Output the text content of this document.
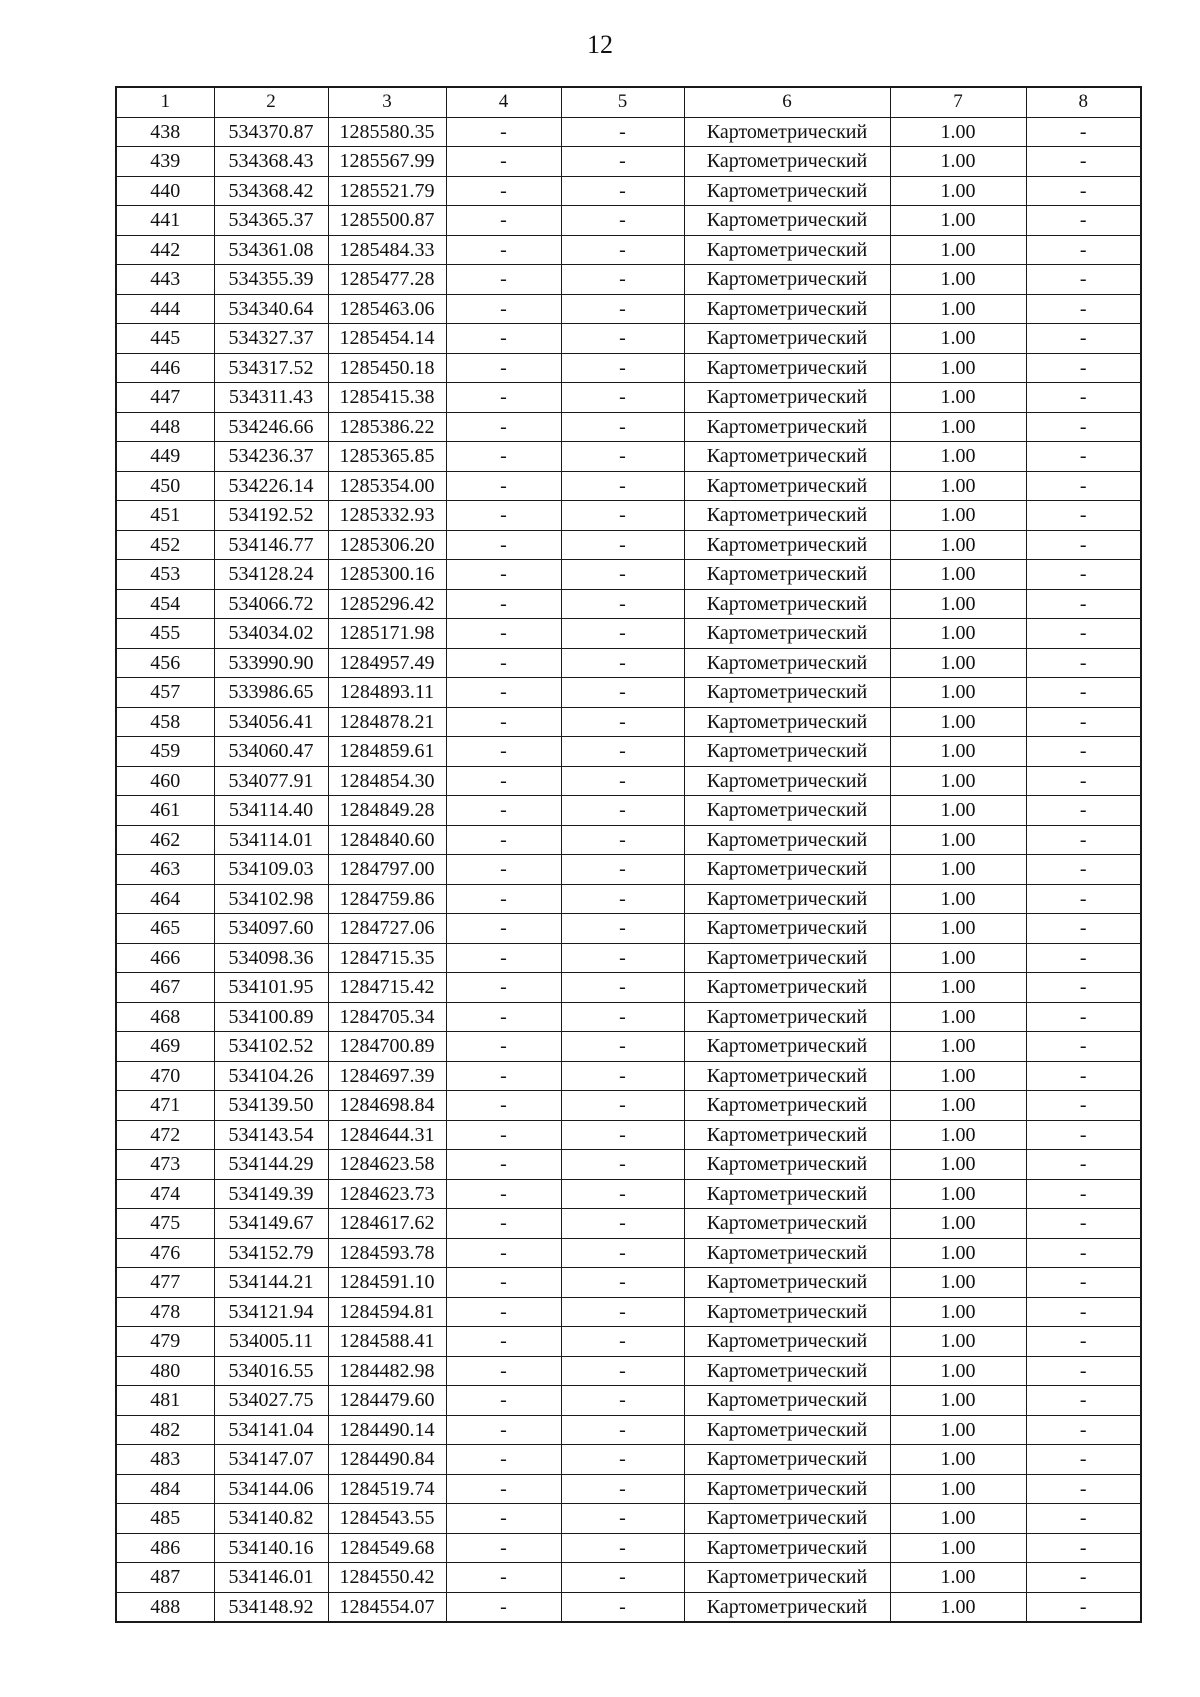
12
1	2	3	4	5	6	7	8
438	534370.87	1285580.35	-	-	Картометрический	1.00	-
439	534368.43	1285567.99	-	-	Картометрический	1.00	-
440	534368.42	1285521.79	-	-	Картометрический	1.00	-
441	534365.37	1285500.87	-	-	Картометрический	1.00	-
442	534361.08	1285484.33	-	-	Картометрический	1.00	-
443	534355.39	1285477.28	-	-	Картометрический	1.00	-
444	534340.64	1285463.06	-	-	Картометрический	1.00	-
445	534327.37	1285454.14	-	-	Картометрический	1.00	-
446	534317.52	1285450.18	-	-	Картометрический	1.00	-
447	534311.43	1285415.38	-	-	Картометрический	1.00	-
448	534246.66	1285386.22	-	-	Картометрический	1.00	-
449	534236.37	1285365.85	-	-	Картометрический	1.00	-
450	534226.14	1285354.00	-	-	Картометрический	1.00	-
451	534192.52	1285332.93	-	-	Картометрический	1.00	-
452	534146.77	1285306.20	-	-	Картометрический	1.00	-
453	534128.24	1285300.16	-	-	Картометрический	1.00	-
454	534066.72	1285296.42	-	-	Картометрический	1.00	-
455	534034.02	1285171.98	-	-	Картометрический	1.00	-
456	533990.90	1284957.49	-	-	Картометрический	1.00	-
457	533986.65	1284893.11	-	-	Картометрический	1.00	-
458	534056.41	1284878.21	-	-	Картометрический	1.00	-
459	534060.47	1284859.61	-	-	Картометрический	1.00	-
460	534077.91	1284854.30	-	-	Картометрический	1.00	-
461	534114.40	1284849.28	-	-	Картометрический	1.00	-
462	534114.01	1284840.60	-	-	Картометрический	1.00	-
463	534109.03	1284797.00	-	-	Картометрический	1.00	-
464	534102.98	1284759.86	-	-	Картометрический	1.00	-
465	534097.60	1284727.06	-	-	Картометрический	1.00	-
466	534098.36	1284715.35	-	-	Картометрический	1.00	-
467	534101.95	1284715.42	-	-	Картометрический	1.00	-
468	534100.89	1284705.34	-	-	Картометрический	1.00	-
469	534102.52	1284700.89	-	-	Картометрический	1.00	-
470	534104.26	1284697.39	-	-	Картометрический	1.00	-
471	534139.50	1284698.84	-	-	Картометрический	1.00	-
472	534143.54	1284644.31	-	-	Картометрический	1.00	-
473	534144.29	1284623.58	-	-	Картометрический	1.00	-
474	534149.39	1284623.73	-	-	Картометрический	1.00	-
475	534149.67	1284617.62	-	-	Картометрический	1.00	-
476	534152.79	1284593.78	-	-	Картометрический	1.00	-
477	534144.21	1284591.10	-	-	Картометрический	1.00	-
478	534121.94	1284594.81	-	-	Картометрический	1.00	-
479	534005.11	1284588.41	-	-	Картометрический	1.00	-
480	534016.55	1284482.98	-	-	Картометрический	1.00	-
481	534027.75	1284479.60	-	-	Картометрический	1.00	-
482	534141.04	1284490.14	-	-	Картометрический	1.00	-
483	534147.07	1284490.84	-	-	Картометрический	1.00	-
484	534144.06	1284519.74	-	-	Картометрический	1.00	-
485	534140.82	1284543.55	-	-	Картометрический	1.00	-
486	534140.16	1284549.68	-	-	Картометрический	1.00	-
487	534146.01	1284550.42	-	-	Картометрический	1.00	-
488	534148.92	1284554.07	-	-	Картометрический	1.00	-
